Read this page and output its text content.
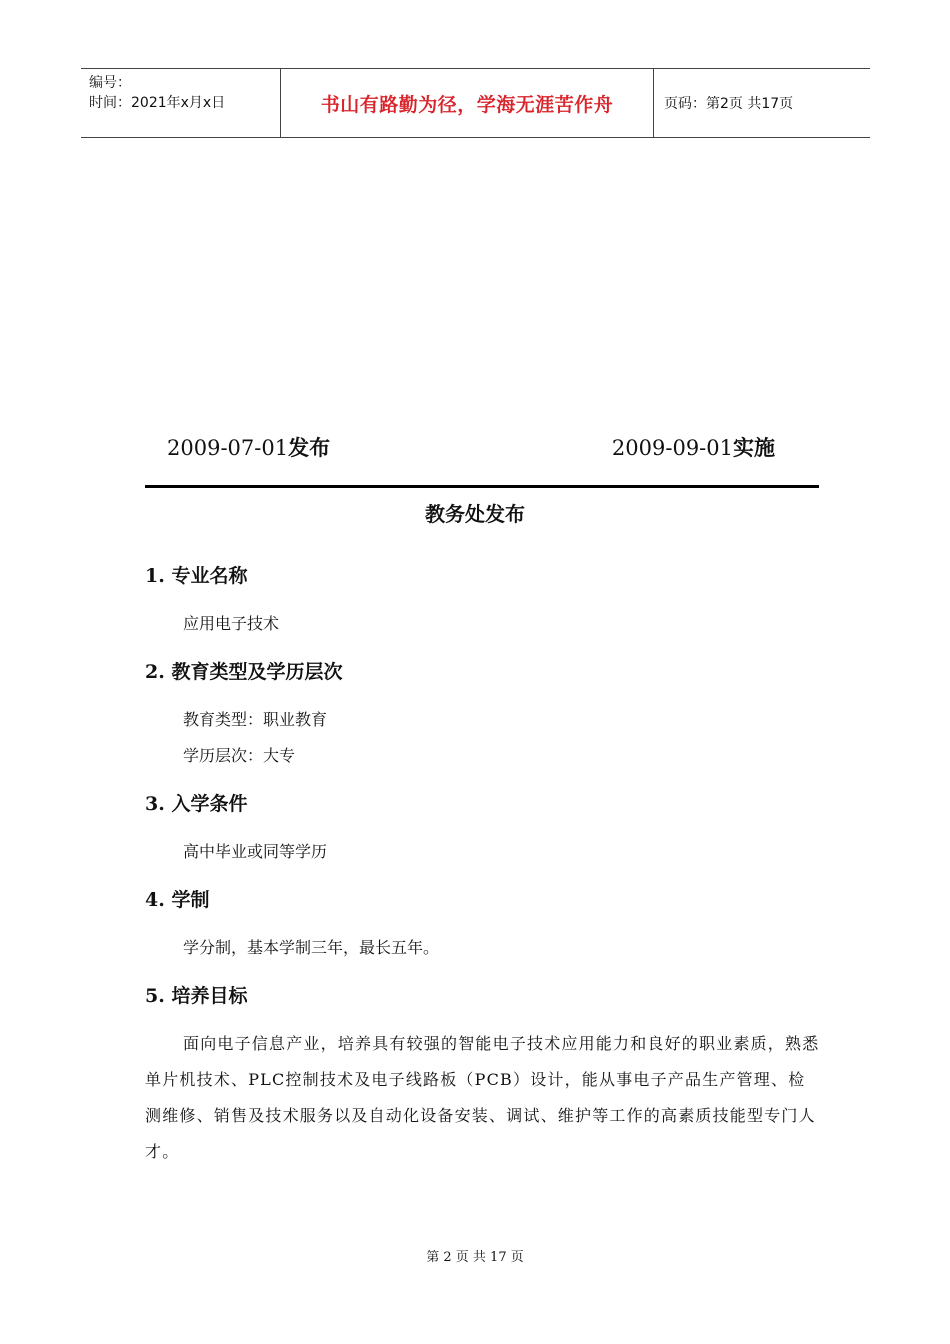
编号：
时间：2021年x月x日	书山有路勤为径，学海无涯苦作舟	页码：第2页 共17页
2009-07-01发布	2009-09-01实施
教务处发布
1. 专业名称

应用电子技术

2. 教育类型及学历层次

教育类型：职业教育

学历层次：大专

3. 入学条件

高中毕业或同等学历

4. 学制

学分制，基本学制三年，最长五年。

5. 培养目标

面向电子信息产业，培养具有较强的智能电子技术应用能力和良好的职业素质，熟悉单片机技术、PLC控制技术及电子线路板（PCB）设计，能从事电子产品生产管理、检测维修、销售及技术服务以及自动化设备安装、调试、维护等工作的高素质技能型专门人才。

第 2 页 共 17 页
